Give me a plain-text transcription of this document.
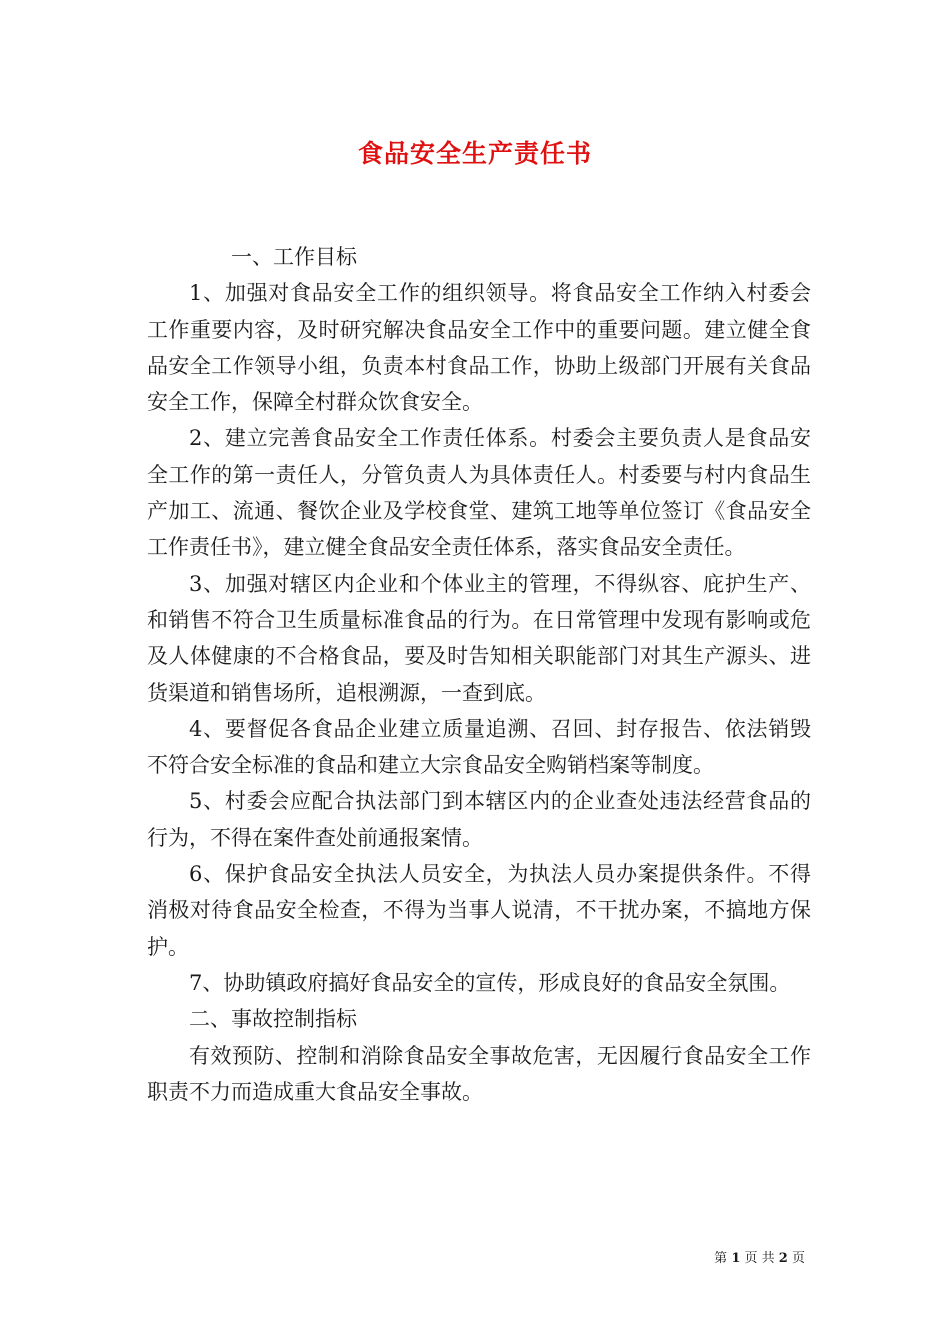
食品安全生产责任书

一、工作目标

1、加强对食品安全工作的组织领导。将食品安全工作纳入村委会工作重要内容，及时研究解决食品安全工作中的重要问题。建立健全食品安全工作领导小组，负责本村食品工作，协助上级部门开展有关食品安全工作，保障全村群众饮食安全。

2、建立完善食品安全工作责任体系。村委会主要负责人是食品安全工作的第一责任人，分管负责人为具体责任人。村委要与村内食品生产加工、流通、餐饮企业及学校食堂、建筑工地等单位签订《食品安全工作责任书》，建立健全食品安全责任体系，落实食品安全责任。

3、加强对辖区内企业和个体业主的管理，不得纵容、庇护生产、和销售不符合卫生质量标准食品的行为。在日常管理中发现有影响或危及人体健康的不合格食品，要及时告知相关职能部门对其生产源头、进货渠道和销售场所，追根溯源，一查到底。

4、要督促各食品企业建立质量追溯、召回、封存报告、依法销毁不符合安全标准的食品和建立大宗食品安全购销档案等制度。

5、村委会应配合执法部门到本辖区内的企业查处违法经营食品的行为，不得在案件查处前通报案情。

6、保护食品安全执法人员安全，为执法人员办案提供条件。不得消极对待食品安全检查，不得为当事人说清，不干扰办案，不搞地方保护。

7、协助镇政府搞好食品安全的宣传，形成良好的食品安全氛围。

二、事故控制指标

有效预防、控制和消除食品安全事故危害，无因履行食品安全工作职责不力而造成重大食品安全事故。

第 1 页 共 2 页
